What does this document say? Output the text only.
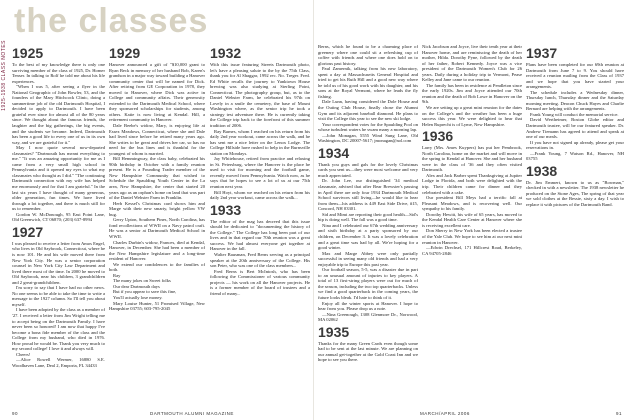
1925-1938 CLASS NOTES
the classes
1925

To the best of my knowledge there is only one surviving member of the class of 1925, Dr. Homer Tenser. In talking to Rolf he told me about his life experiences.

"When I was 5, after seeing a flyer in the National Geographic of John Bowler, 53, and the founders of the Mary Hitchcock Clinic, doing a summertime job of the old Dartmouth Hospital, I decided to apply to Dartmouth. I have been grateful ever since for almost all of the 80 years since. We thought about the famous friends, the laughter and the big gatherings, the big events, and the students we became. Indeed, Dartmouth has been a good life to every one of us in its own way, and we are grateful for it."

May I now quote several now-departed classmates? "Dartmouth has meant everything to me." "It was an amazing opportunity for me as I came from a very small high school in Pennsylvania and it opened my eyes to what my classmates who thought as I did." "The continuing Dartmouth connection with my wife has helped me enormously and for that I am grateful." In the last six years I have thought of many generous, older generation, fun times. We have lived through a lot together, and there is much still for us to remember.

Gordon W. McDonough, 95 East Point Lane, Old Greenwich, CT 06870; (203) 637-8994

1927

I was pleased to receive a letter from Amos Engel, who lives in Old Saybrook, Connecticut, where he is now 101. He and his wife moved there from New York City. He was a senior corporation counsel in New York City Law Department and lived there most of the time. In 2000 he moved to Old Saybrook, near his children, 3 grandchildren and 2 great-grandchildren.

I'm sorry to say that I have had no other news. No one seems to be able to take the time to write a message to the 1927 column. So I'll tell you about myself.

I have been adopted by the class as a member of '27. I received a letter from Jim Wright telling me to accept being on the Dartmouth Family. I have never been so honored! I am now that happy I've become a bona fide member of the class and the College from my husband, who died in 1976. How proud he would be. Thank you very much to my second college! I love it and always will.

Cheers!

—Alice Rowell Wermer, 16880 S.E. Woodhaven Lane, Deal 2, Emporia, FL 34433

1929

Hanover announced a gift of "$10,000 grant to Ryan Beck in memory of her husband Bob, Karen's grandson in a major way toward building a Hanover community center that will be named for Dick. After retiring from GE Corporation in 1978, they moved to Hanover, where Dick was active in College and community affairs. Their generosity extended to the Dartmouth Medical School, where they sponsored scholarships for students, among others. Katie is now living at Kendal. Hill, a retirement community in Hanover.

Dale Beebe's widow, Mary, is enjoying life at Essex Meadows, Connecticut, where she and Dale had lived since before he retired many years ago. She writes to be great and drives her car, so has no need for the bus lines and is thankful for the youngest of whom is married.

Bill Hemmingway, the class baby, celebrated his 90th birthday in October with a family reunion present. He is a Founding Trader member of the New Hampshire Community that wished to Schedule the Spaulding Youth Center in the La area, New Hampshire, the center that started 20 years ago as an orphan's home on land that was part of the Daniel Webster Farm in Franklin.

Herb Kessel's Christmas card shows him and Marge with their new smarty, bright yellow VW bug.

Gerry Upton, Southern Pines, North Carolina, has fond recollections of WWII on a Navy patrol craft. He was a senior at Dartmouth Medical School in WWII.

Charles Durbin's widow, Frances, died at Kendal, Hanover, in December. She had been a member of the New Hampshire legislature and a long-time resident of Hanover.

We extend our condolences to the families of both.

Ray

The many jokes on Sweet folks

Our dear Dartmouth days

But if you appear to save this fine,

You'll actually lose money.

Mary Louise Hunter, 51 Promised Village, New Hampshire 03755; 603-795-2045

1932

With this issue featuring Streets Dartmouth photo, let's have a pleasing salute to the by the 75th Class, thank you for Al Shaggar, 1992 rec. No. Treger. Fred. Ed White recalls the journey to Yanktown House brewing was also studying at Sterling Point, Connecticut. The photography group, but, as to the Daniel Webster Farm, he celebrated his 97th on Lovely in a smile the cemetery, the base of Mount Washington where, as the senior trip he took a strategy test adventure there. He is currently taking the College trip back to the forefront of this summer tradition of 2006.

Ray Barnes, whom I reached on his return from his daily 2nd year workout, came across the walk, and he has sent me a nice letter on the Lenox Lodge. The College Hillside have rushed to help in the Burnsville station on Mondays.

Jay Whitehouse, retired from practice and relaxing in St. Petersburg, where the Hanover is the place he used to visit for morning and the football game, recently moved from Pennsylvania. Watch now, as he says that he hopes to see a lot of us at our 75th reunion next year.

Bill Hoyt, whom we reached on his return from his daily 2nd year workout, came across the walk...

1933

The editor of the mag has decreed that this issue should be dedicated to "documenting the history of the College." The College has long been part of our lives and in that regard our 70th reunion was a great success. We had almost everyone get together at Hanover in the fall.

Walter Bausman, Fred Berns serving as a principal speaker at the 20th anniversary of the College. His son Peter, who was one of the class members...

Fred Berns is Bert McIntosh, who has been following the Commissioner of various community projects — his work on all the Hanover projects. He is a former member of the board of trustees and a friend of many...

Berns, which he found to be a charming place of greenery where one could sit a refreshing cup of coffee with friends and where one does hold on to glorious past history.

Paul Zamernik, talking from his new laboratory, spent a day at Massachusetts General Hospital and tried to get his Ruth Hill and a good new way where he told us of his good work with his daughter, and his sons at the Royal Vermont, where he leads the fly fishing.

Dale Lunn, having considered the Dole House and the Outing Club House, finally chose the Alumni Gym and its adjacent baseball diamond. He plans to visit the College this year to see the new ski lodge.

Your correspondent votes for the Spaulding Pool on whose turbulent waters he swam many a morning lap.

—John Monagan, 5555 Wind Sung Lane, Old Washington, DC 20007-5617; jmonagan@aol.com

1934

Thank you guys and gals for the lovely Christmas cards you sent us—they were most welcome and very much appreciated.

Dr. John Lee, our distinguished '34 medical classmate, advised that after Bear Brewster's passing in April there are only four 1934 Dartmouth Medical School survivors still living—he would like to hear from them—his address is 449 East Side Drive, #15, Concord, NH 03301.

Sid and Mimi are reporting their good health—Sid's hip is doing well. The fall was a good time.

Nina and I celebrated our 67th wedding anniversary and sixth birthday at a party sponsored by our children, on December 3. It was a lovely celebration and a great time was had by all. We're hoping for a good winter.

Max and Marge Abbey were only partially successful in seeing many old friends and had a very enjoyable trip to Europe this past year.

Our football season, 5-5, was a disaster due in part to an unusual amount of injuries to key players. A total of 13 first-string players were out for much of the season, including the two top quarterbacks. Unless we find a good quarterback in the coming years, the future looks bleak. I'd hate to think of it.

Enjoy all the winter sports at Hanover. I hope to hear from you. Please drop us a note.

—Nina Greenough, 1308 Glenmore Dr., Norwood, MA 02062

1935

Thanks for the many Green Cards even though some had to be sent at the last minute. We are planning on our annual get-together at the Gold Coast Inn and we hope to see you there.

Nick Jacobson and Joyce, live their tenth year at their Hanover home, and are reminiscing the death of her mother, Hilda. Dorothy Pyne, followed by the death of her father, Robert Kennedy. Joyce was a vice president of the Dartmouth Women's Club for 26 years. Daily during a holiday trip to Vermont, Pease Kelley and Jane came to our reunion.

The family has been in residence at Pendleton since the early 1920s. Jim and Joyce attended our 70th reunion and the death of Bob Lowe in Hanover on the 9th.

We are setting up a great mini reunion for the dates on the College's and the weather has been a huge success this year. We were delighted to hear that Helen Ruprecht is of Lyme, New Hampshire.

1936

Larry (Mrs. Ames Kuypers) has put her Pembrook, North Carolina, home on the market and will move in the spring to Kendal at Hanover. She and her husband were in the class of '36 and they often visited Dartmouth.

Alex and Jack Barber spent Thanksgiving at Jupiter Lodge in Florida, and both were delighted with the trip. Their children came for dinner and they celebrated with a cake.

Our president Bill Meys had a terrific fall at Pleasant Meadows, and is recovering well. Our sympathy to his family.

Dorothy Hewitt, his wife of 65 years, has moved to the Kendal Health Care Center at Hanover where she is receiving excellent care.

Don Sherry in New York has been elected a trustee of the Yale Club. We hope to see him at our next mini reunion in Hanover.

—Edwin Drechsel, 171 Hillcrest Road, Berkeley, CA 94705-2846

1937

Plans have been completed for our 69th reunion at Dartmouth from June 7 to 9. You should have received a reunion mailing from the Class of 1937 and we hope that you have started your arrangements.

The schedule includes a Wednesday dinner, Thursday lunch, Thursday dinner and the Saturday morning meeting. Deacon Chuck Hayes and Charlie Bernard are helping with the arrangements.

Frank Young will conduct the memorial service.

David Wertheimer, Boston Globe editor and Dartmouth trustee, will be our featured speaker. Dr. Andrew Tiemann has agreed to attend and speak at one of our meals.

If you have not signed up already, please get your reservations in.

—Frank Young, 7 Watson Rd., Hanover, NH 03755

1938

Dr. Jim Emmert, known to us as "Bowman," checked in with a newsletter. The 1938 newsletter he produced on the Stone Ages, The spring of that year we sold clothes at the Bessie, sixty a day. I wish to replace it with pictures of the Dartmouth Band.

90	DARTMOUTH ALUMNI MAGAZINE	MARCH/APRIL 2006	91
